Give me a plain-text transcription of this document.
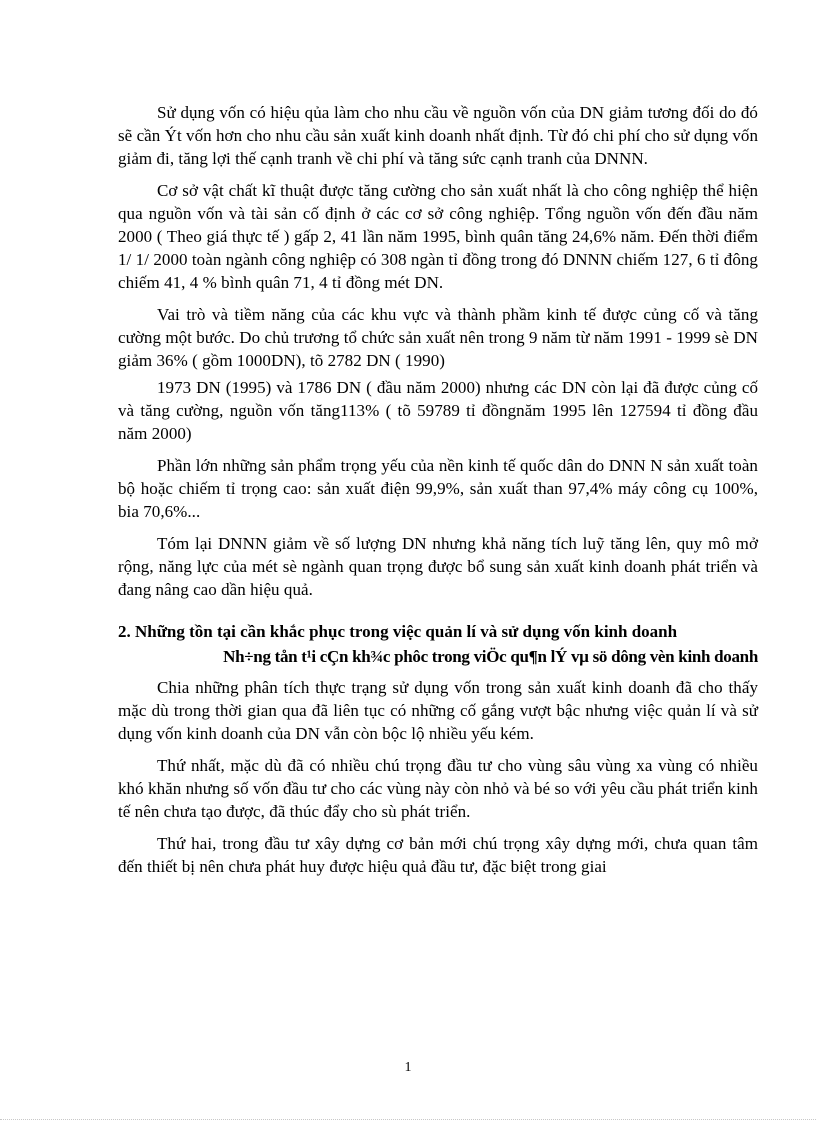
Sử dụng vốn có hiệu qủa làm cho nhu cầu về nguồn vốn của DN giảm tương đối do đó sẽ cần Ýt vốn hơn cho nhu cầu sản xuất kinh doanh nhất định. Từ đó chi phí cho sử dụng vốn giảm đi, tăng lợi thế cạnh tranh về chi phí và tăng sức cạnh tranh của DNNN.

Cơ sở vật chất kĩ thuật được tăng cường cho sản xuất nhất là cho công nghiệp thể hiện qua nguồn vốn và tài sản cố định ở các cơ sở công nghiệp. Tổng nguồn vốn đến đầu năm 2000 ( Theo giá thực tế ) gấp 2, 41 lần năm 1995, bình quân tăng 24,6% năm. Đến thời điểm 1/ 1/ 2000 toàn ngành công nghiệp có 308 ngàn tỉ đồng trong đó DNNN chiếm 127, 6 tỉ đông chiếm 41, 4 % bình quân 71, 4 tỉ đồng mét DN.

Vai trò và tiềm năng của các khu vực và thành phầm kinh tế được củng cố và tăng cường một bước. Do chủ trương tổ chức sản xuất nên trong 9 năm từ năm 1991 - 1999 sè DN giảm 36% ( gồm 1000DN), tõ 2782 DN ( 1990)

1973 DN (1995) và 1786 DN ( đầu năm 2000) nhưng các DN còn lại đã được củng cố và tăng cường, nguồn vốn tăng113% ( tõ 59789 tỉ đồngnăm 1995 lên 127594 tỉ đồng đầu năm 2000)

Phần lớn những sản phẩm trọng yếu của nền kinh tế quốc dân do DNN N sản xuất toàn bộ hoặc chiếm tỉ trọng cao: sản xuất điện 99,9%, sản xuất than 97,4% máy công cụ 100%, bia 70,6%...

Tóm lại DNNN giảm về số lượng DN nhưng khả năng tích luỹ tăng lên, quy mô mở rộng, năng lực của mét sè ngành quan trọng được bổ sung sản xuất kinh doanh phát triển và đang nâng cao dần hiệu quả.

2. Những tồn tại cần khắc phục trong việc quản lí và sử dụng vốn kinh doanh
Nh÷ng tån t¹i cÇn kh¾c phôc trong viÖc qu¶n lÝ vµ sö dông vèn kinh doanh

Chia những phân tích thực trạng sử dụng vốn trong sản xuất kinh doanh đã cho thấy mặc dù trong thời gian qua đã liên tục có những cố gắng vượt bậc nhưng việc quản lí và sử dụng vốn kinh doanh của DN vẫn còn bộc lộ nhiều yếu kém.

Thứ nhất, mặc dù đã có nhiều chú trọng đầu tư cho vùng sâu vùng xa vùng có nhiều khó khăn nhưng số vốn đầu tư cho các vùng này còn nhỏ và bé so với yêu cầu phát triển kinh tế nên chưa tạo được, đã thúc đẩy cho sù phát triển.

Thứ hai, trong đầu tư xây dựng cơ bản mới chú trọng xây dựng mới, chưa quan tâm đến thiết bị nên chưa phát huy được hiệu quả đầu tư, đặc biệt trong giai

1
